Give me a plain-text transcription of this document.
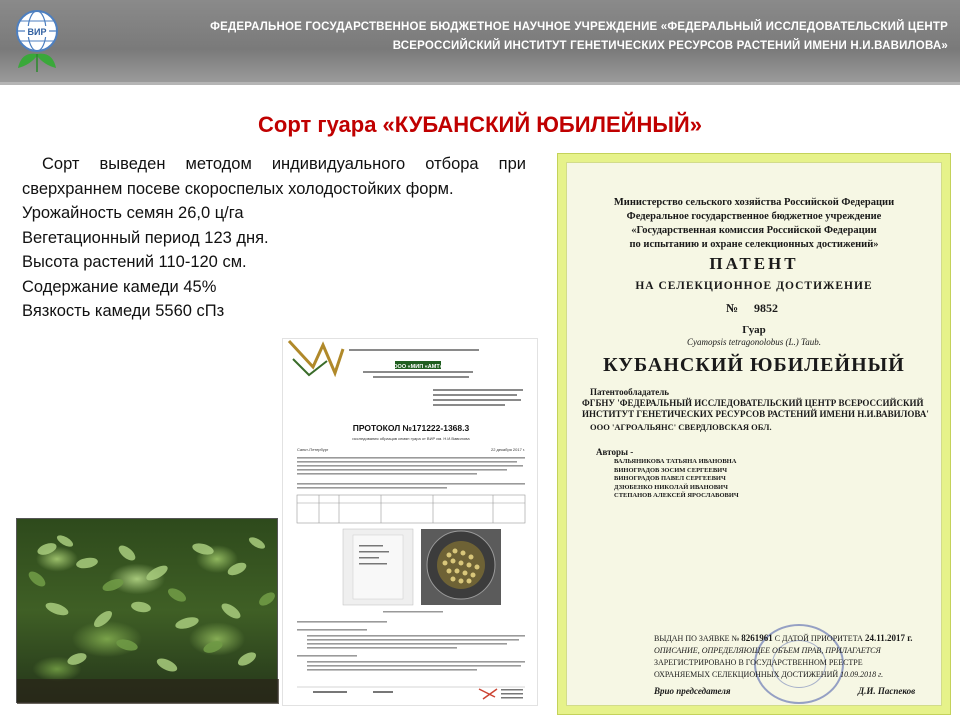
ВИР	ФЕДЕРАЛЬНОЕ ГОСУДАРСТВЕННОЕ БЮДЖЕТНОЕ НАУЧНОЕ УЧРЕЖДЕНИЕ «ФЕДЕРАЛЬНЫЙ ИССЛЕДОВАТЕЛЬСКИЙ ЦЕНТР
ВСЕРОССИЙСКИЙ ИНСТИТУТ ГЕНЕТИЧЕСКИХ РЕСУРСОВ РАСТЕНИЙ ИМЕНИ Н.И.ВАВИЛОВА»
Сорт гуара «КУБАНСКИЙ ЮБИЛЕЙНЫЙ»

Сорт выведен методом индивидуального отбора при сверхраннем посеве скороспелых холодостойких форм.

Урожайность семян 26,0 ц/га

Вегетационный период 123 дня.

Высота растений 110-120 см.

Содержание камеди 45%

Вязкость камеди 5560 сПз

ООО «МИП «АМТ»
ПРОТОКОЛ №171222-1368.3
исследования образцов семян гуара от ВИР им. Н.И.Вавилова
Санкт-Петербург	22 декабря 2017 г.
Министерство сельского хозяйства Российской Федерации
Федеральное государственное бюджетное учреждение
«Государственная комиссия Российской Федерации
по испытанию и охране селекционных достижений»
ПАТЕНТ
НА СЕЛЕКЦИОННОЕ ДОСТИЖЕНИЕ
№ 9852
Гуар
Cyamopsis tetragonolobus (L.) Taub.
КУБАНСКИЙ ЮБИЛЕЙНЫЙ
Патентообладатель
ФГБНУ 'ФЕДЕРАЛЬНЫЙ ИССЛЕДОВАТЕЛЬСКИЙ ЦЕНТР ВСЕРОССИЙСКИЙ ИНСТИТУТ ГЕНЕТИЧЕСКИХ РЕСУРСОВ РАСТЕНИЙ ИМЕНИ Н.И.ВАВИЛОВА'
ООО 'АГРОАЛЬЯНС' СВЕРДЛОВСКАЯ ОБЛ.
Авторы -
ВАЛЬЯНИКОВА ТАТЬЯНА ИВАНОВНА
ВИНОГРАДОВ ЗОСИМ СЕРГЕЕВИЧ
ВИНОГРАДОВ ПАВЕЛ СЕРГЕЕВИЧ
ДЗЮБЕНКО НИКОЛАЙ ИВАНОВИЧ
СТЕПАНОВ АЛЕКСЕЙ ЯРОСЛАВОВИЧ
ВЫДАН ПО ЗАЯВКЕ № 8261961 С ДАТОЙ ПРИОРИТЕТА 24.11.2017 г.
ОПИСАНИЕ, ОПРЕДЕЛЯЮЩЕЕ ОБЪЕМ ПРАВ, ПРИЛАГАЕТСЯ
ЗАРЕГИСТРИРОВАНО В ГОСУДАРСТВЕННОМ РЕЕСТРЕ
ОХРАНЯЕМЫХ СЕЛЕКЦИОННЫХ ДОСТИЖЕНИЙ 10.09.2018 г.
Врио председателя	Д.И. Паспеков
